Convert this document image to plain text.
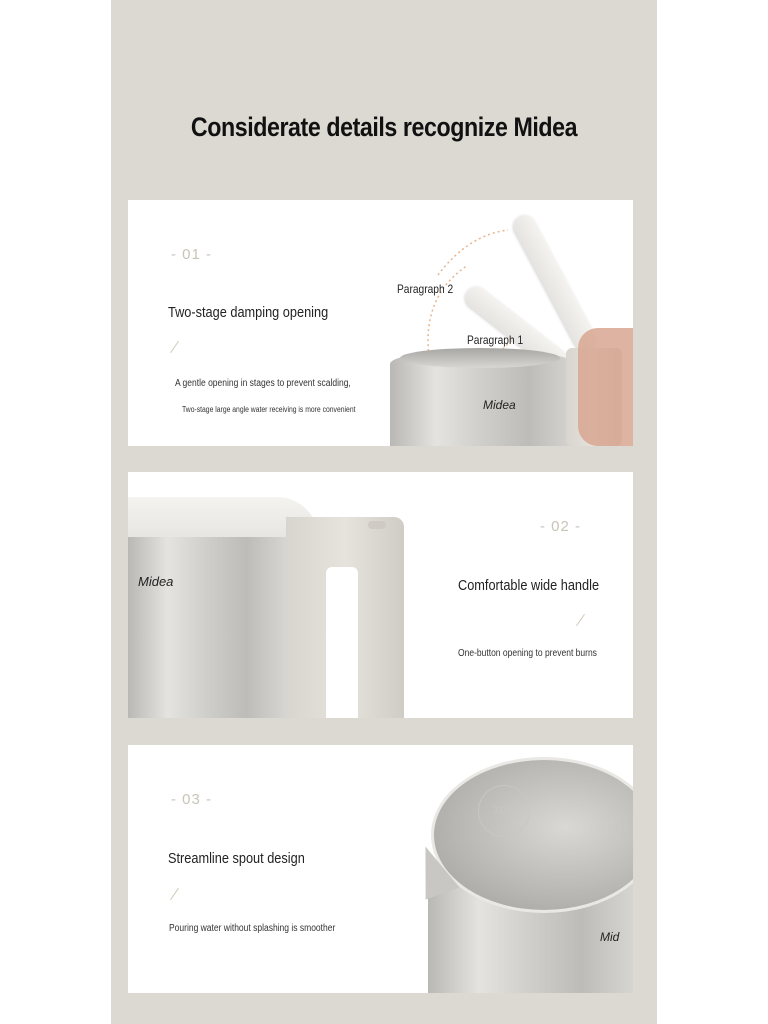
Considerate details recognize Midea
- 01 -
Two-stage damping opening
A gentle opening in stages to prevent scalding,
Two-stage large angle water receiving is more convenient	Midea
Paragraph 2
Paragraph 1
Midea
- 02 -
Comfortable wide handle
One-button opening to prevent burns
- 03 -
Streamline spout design
Pouring water without splashing is smoother
316L
Mid
